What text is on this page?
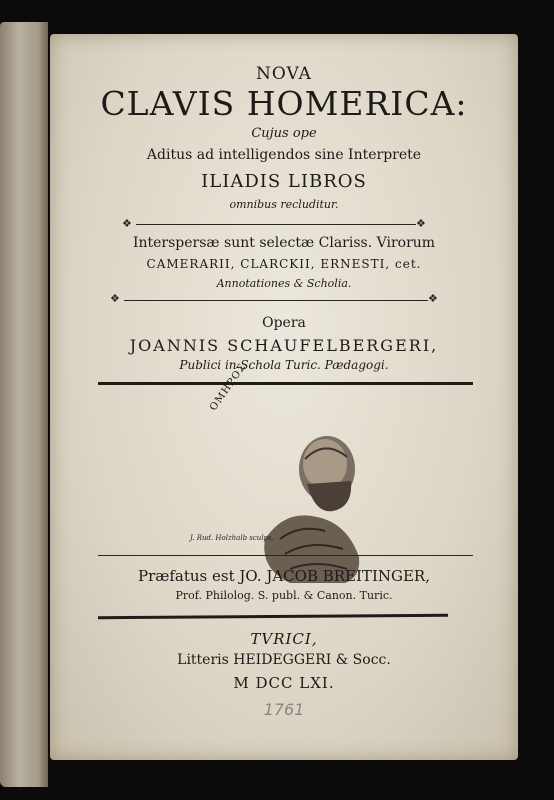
NOVA
CLAVIS HOMERICA:
Cujus ope
Aditus ad intelligendos sine Interprete
ILIADIS LIBROS
omnibus recluditur.
❖	❖
Interspersæ sunt selectæ Clariss. Virorum
CAMERARII, CLARCKII, ERNESTI, cet.
Annotationes & Scholia.
❖	❖
Opera
JOANNIS SCHAUFELBERGERI,
Publici in Schola Turic. Pædagogi.
ΟΜΗΡΟΣ
J. Rud. Holzhalb sculps.
Præfatus est JO. JACOB BREITINGER,
Prof. Philolog. S. publ. & Canon. Turic.
TVRICI,
Litteris HEIDEGGERI & Socc.
M DCC LXI.
1761
